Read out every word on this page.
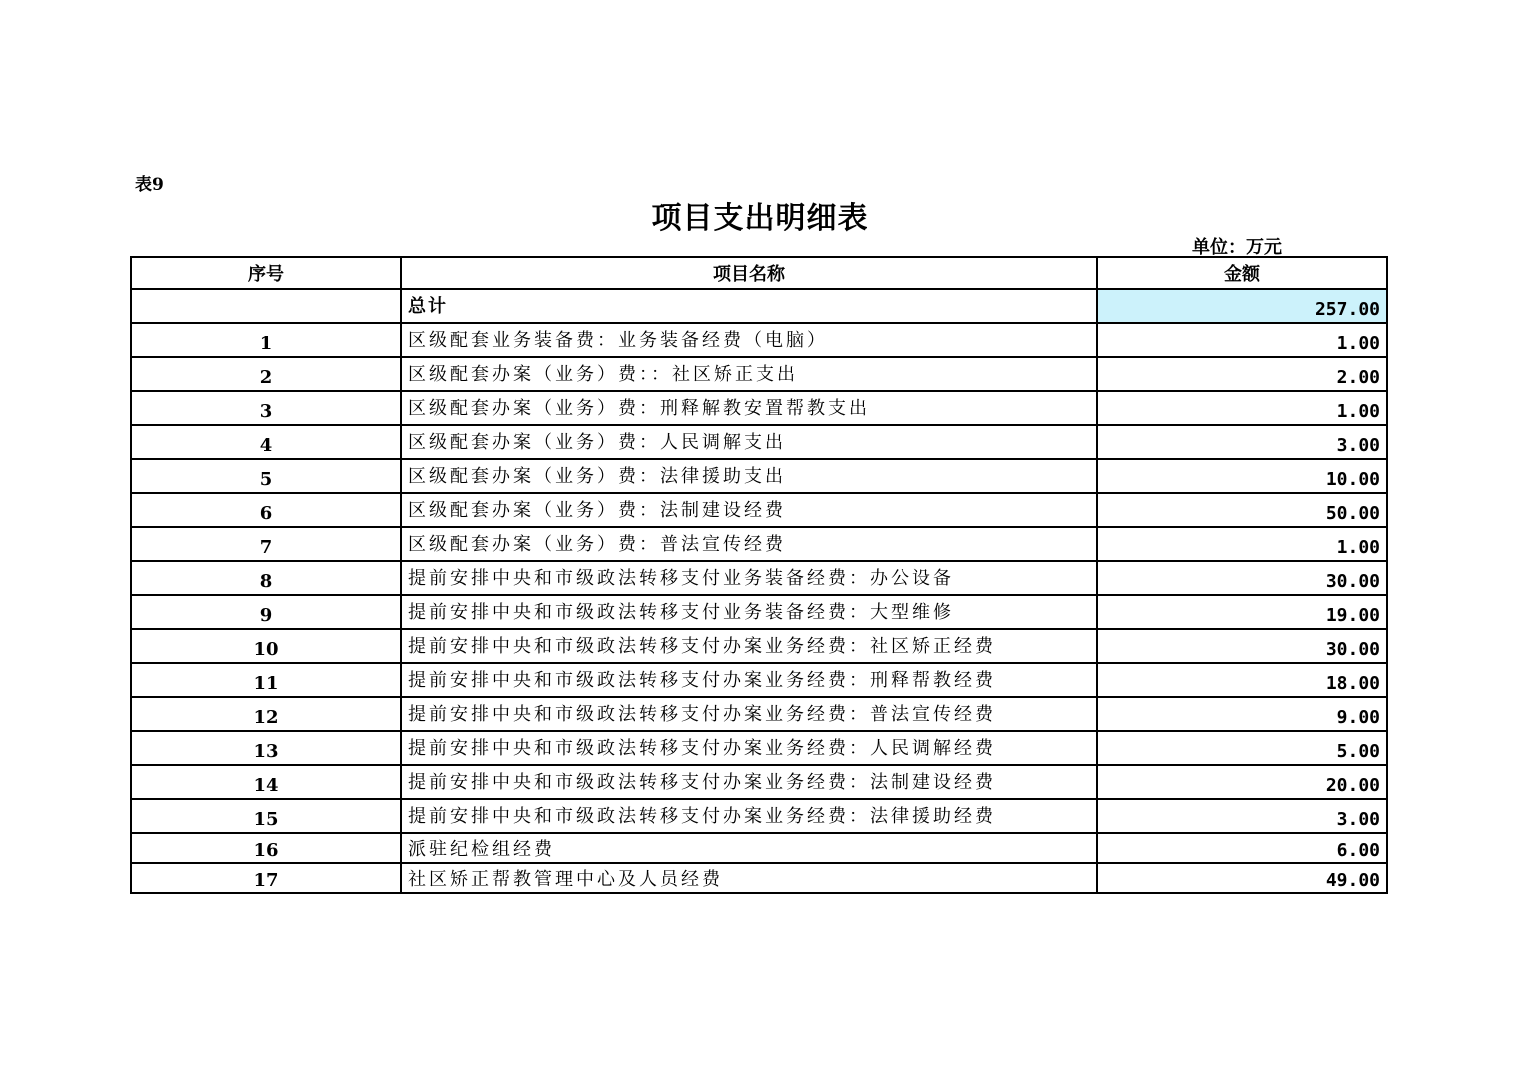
表9
项目支出明细表
单位：万元
序号	项目名称	金额
	总计	257.00
1	区级配套业务装备费：业务装备经费（电脑）	1.00
2	区级配套办案（业务）费：：社区矫正支出	2.00
3	区级配套办案（业务）费：刑释解教安置帮教支出	1.00
4	区级配套办案（业务）费：人民调解支出	3.00
5	区级配套办案（业务）费：法律援助支出	10.00
6	区级配套办案（业务）费：法制建设经费	50.00
7	区级配套办案（业务）费：普法宣传经费	1.00
8	提前安排中央和市级政法转移支付业务装备经费：办公设备	30.00
9	提前安排中央和市级政法转移支付业务装备经费：大型维修	19.00
10	提前安排中央和市级政法转移支付办案业务经费：社区矫正经费	30.00
11	提前安排中央和市级政法转移支付办案业务经费：刑释帮教经费	18.00
12	提前安排中央和市级政法转移支付办案业务经费：普法宣传经费	9.00
13	提前安排中央和市级政法转移支付办案业务经费：人民调解经费	5.00
14	提前安排中央和市级政法转移支付办案业务经费：法制建设经费	20.00
15	提前安排中央和市级政法转移支付办案业务经费：法律援助经费	3.00
16	派驻纪检组经费	6.00
17	社区矫正帮教管理中心及人员经费	49.00
